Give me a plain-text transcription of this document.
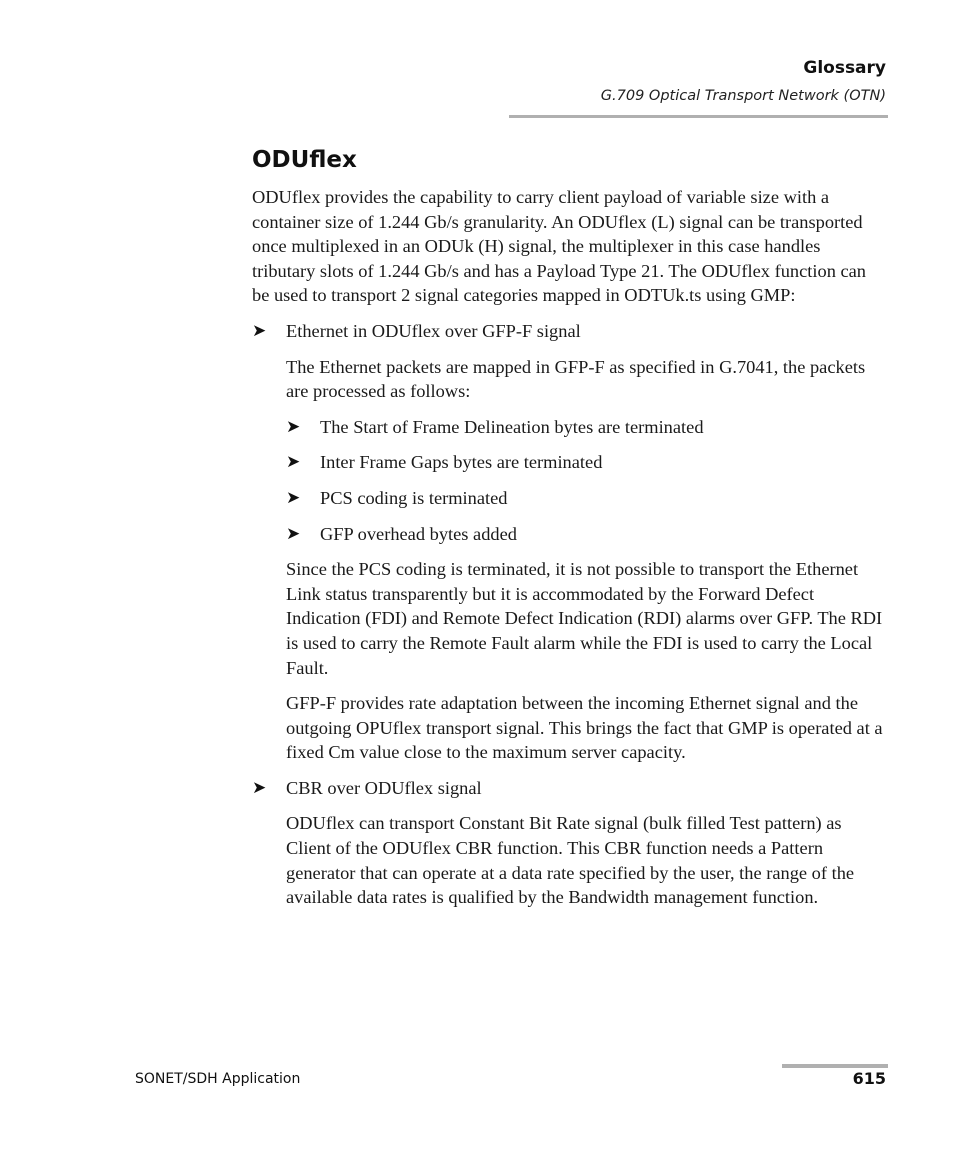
Glossary
G.709 Optical Transport Network (OTN)
ODUflex

ODUflex provides the capability to carry client payload of variable size with a container size of 1.244 Gb/s granularity. An ODUflex (L) signal can be transported once multiplexed in an ODUk (H) signal, the multiplexer in this case handles tributary slots of 1.244 Gb/s and has a Payload Type 21. The ODUflex function can be used to transport 2 signal categories mapped in ODTUk.ts using GMP:

➤	Ethernet in ODUflex over GFP-F signal

The Ethernet packets are mapped in GFP-F as specified in G.7041, the packets are processed as follows:

➤	The Start of Frame Delineation bytes are terminated

➤	Inter Frame Gaps bytes are terminated

➤	PCS coding is terminated

➤	GFP overhead bytes added

Since the PCS coding is terminated, it is not possible to transport the Ethernet Link status transparently but it is accommodated by the Forward Defect Indication (FDI) and Remote Defect Indication (RDI) alarms over GFP. The RDI is used to carry the Remote Fault alarm while the FDI is used to carry the Local Fault.

GFP-F provides rate adaptation between the incoming Ethernet signal and the outgoing OPUflex transport signal. This brings the fact that GMP is operated at a fixed Cm value close to the maximum server capacity.

➤	CBR over ODUflex signal

ODUflex can transport Constant Bit Rate signal (bulk filled Test pattern) as Client of the ODUflex CBR function. This CBR function needs a Pattern generator that can operate at a data rate specified by the user, the range of the available data rates is qualified by the Bandwidth management function.

SONET/SDH Application	615
